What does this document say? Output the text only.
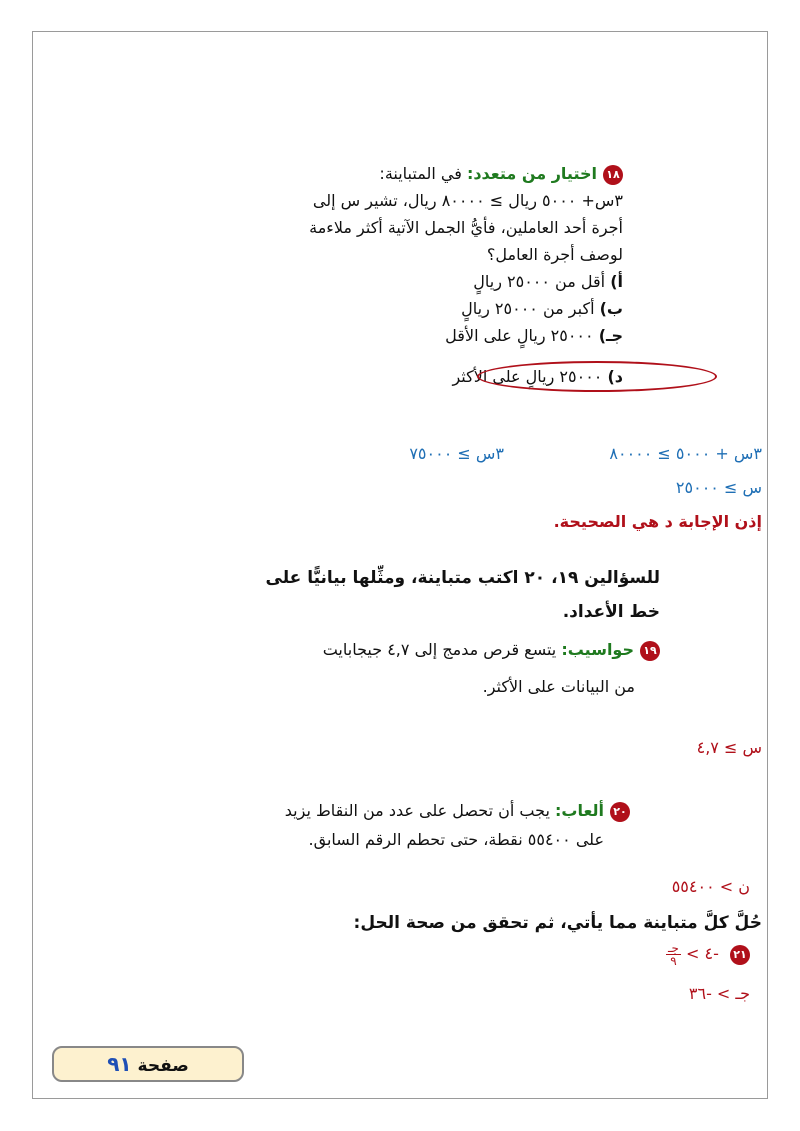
١٨اختيار من متعدد: في المتباينة:
٣س+ ٥٠٠٠ ريال ≥ ٨٠٠٠٠ ريال، تشير س إلى
أجرة أحد العاملين، فأيُّ الجمل الآتية أكثر ملاءمة
لوصف أجرة العامل؟
أ) أقل من ٢٥٠٠٠ ريالٍ
ب) أكبر من ٢٥٠٠٠ ريالٍ
جـ) ٢٥٠٠٠ ريالٍ على الأقل
د) ٢٥٠٠٠ ريالٍ على الأكثر
٣س + ٥٠٠٠ ≥ ٨٠٠٠٠
٣س ≥ ٧٥٠٠٠
س ≥ ٢٥٠٠٠
إذن الإجابة د هي الصحيحة.
للسؤالين ١٩، ٢٠ اكتب متباينة، ومثِّلها بيانيًّا على
خط الأعداد.
١٩حواسيب: يتسع قرص مدمج إلى ٤,٧ جيجابايت
من البيانات على الأكثر.
س ≥ ٤,٧
٢٠ألعاب: يجب أن تحصل على عدد من النقاط يزيد
على ٥٥٤٠٠ نقطة، حتى تحطم الرقم السابق.
ن > ٥٥٤٠٠
حُلَّ كلَّ متباينة مما يأتي، ثم تحقق من صحة الحل:
٢١ -٤ >
$\frac{\text{جـ}}{٩}$
جـ > -٣٦
صفحة ٩١
